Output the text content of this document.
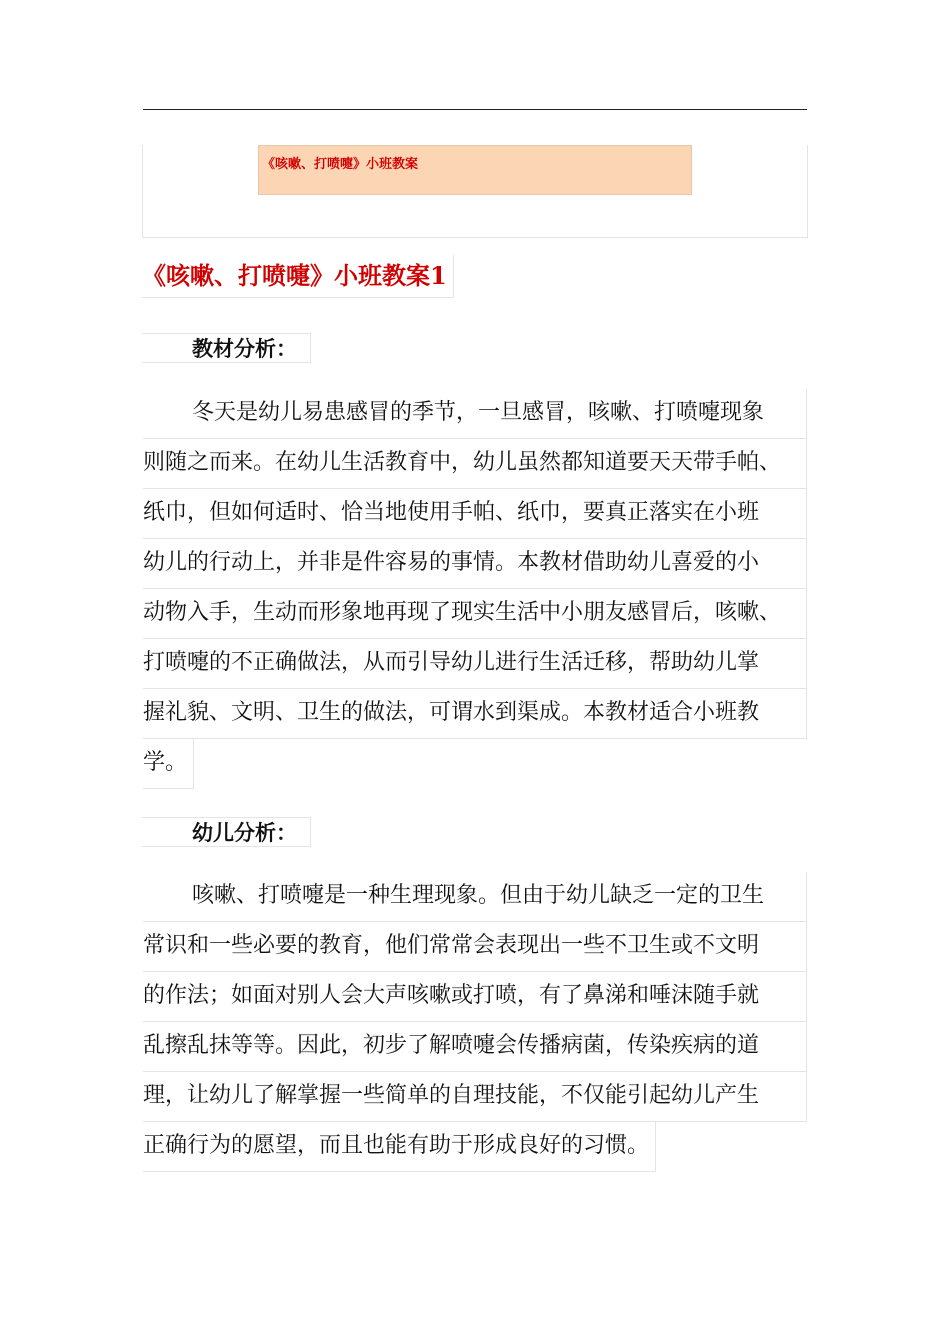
《咳嗽、打喷嚏》小班教案
《咳嗽、打喷嚏》小班教案1
教材分析：
冬天是幼儿易患感冒的季节，一旦感冒，咳嗽、打喷嚏现象
则随之而来。在幼儿生活教育中，幼儿虽然都知道要天天带手帕、
纸巾，但如何适时、恰当地使用手帕、纸巾，要真正落实在小班
幼儿的行动上，并非是件容易的事情。本教材借助幼儿喜爱的小
动物入手，生动而形象地再现了现实生活中小朋友感冒后，咳嗽、
打喷嚏的不正确做法，从而引导幼儿进行生活迁移，帮助幼儿掌
握礼貌、文明、卫生的做法，可谓水到渠成。本教材适合小班教
学。
幼儿分析：
咳嗽、打喷嚏是一种生理现象。但由于幼儿缺乏一定的卫生
常识和一些必要的教育，他们常常会表现出一些不卫生或不文明
的作法；如面对别人会大声咳嗽或打喷，有了鼻涕和唾沫随手就
乱擦乱抹等等。因此，初步了解喷嚏会传播病菌，传染疾病的道
理，让幼儿了解掌握一些简单的自理技能，不仅能引起幼儿产生
正确行为的愿望，而且也能有助于形成良好的习惯。
